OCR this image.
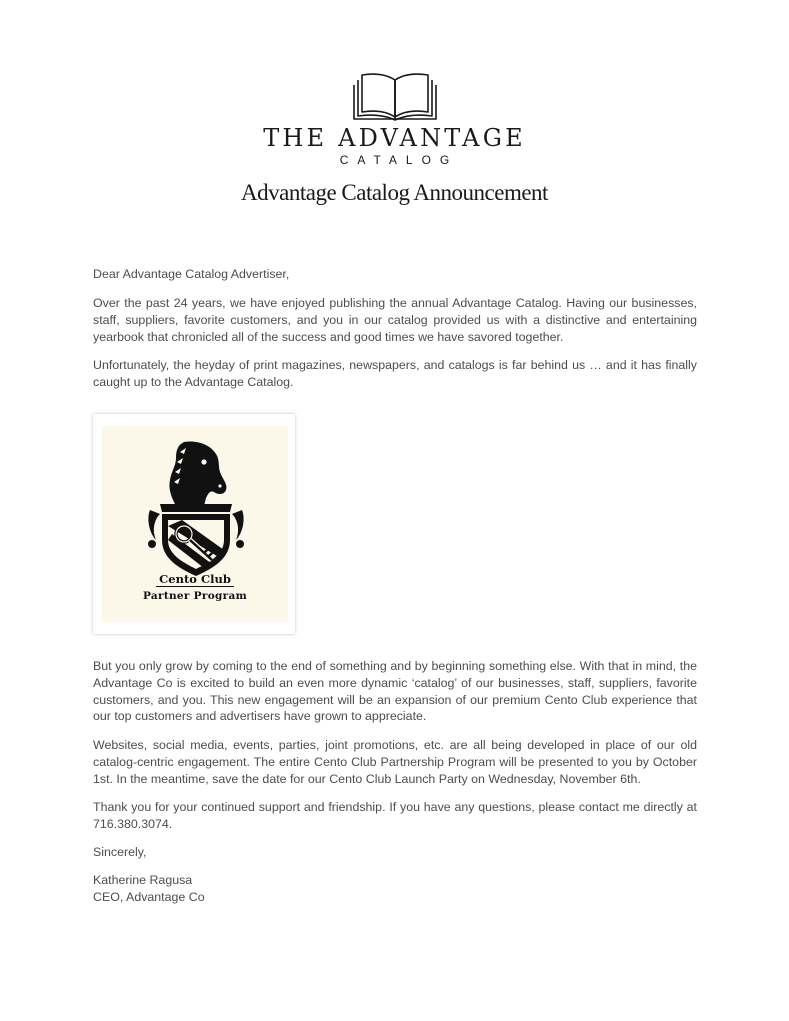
THE ADVANTAGE
CATALOG
Advantage Catalog Announcement

Dear Advantage Catalog Advertiser,

Over the past 24 years, we have enjoyed publishing the annual Advantage Catalog. Having our businesses, staff, suppliers, favorite customers, and you in our catalog provided us with a distinctive and entertaining yearbook that chronicled all of the success and good times we have savored together.

Unfortunately, the heyday of print magazines, newspapers, and catalogs is far behind us … and it has finally caught up to the Advantage Catalog.

Cento Club
Partner Program

But you only grow by coming to the end of something and by beginning something else. With that in mind, the Advantage Co is excited to build an even more dynamic ‘catalog’ of our businesses, staff, suppliers, favorite customers, and you. This new engagement will be an expansion of our premium Cento Club experience that our top customers and advertisers have grown to appreciate.

Websites, social media, events, parties, joint promotions, etc. are all being developed in place of our old catalog-centric engagement. The entire Cento Club Partnership Program will be presented to you by October 1st. In the meantime, save the date for our Cento Club Launch Party on Wednesday, November 6th.

Thank you for your continued support and friendship. If you have any questions, please contact me directly at 716.380.3074.

Sincerely,

Katherine Ragusa

CEO, Advantage Co
